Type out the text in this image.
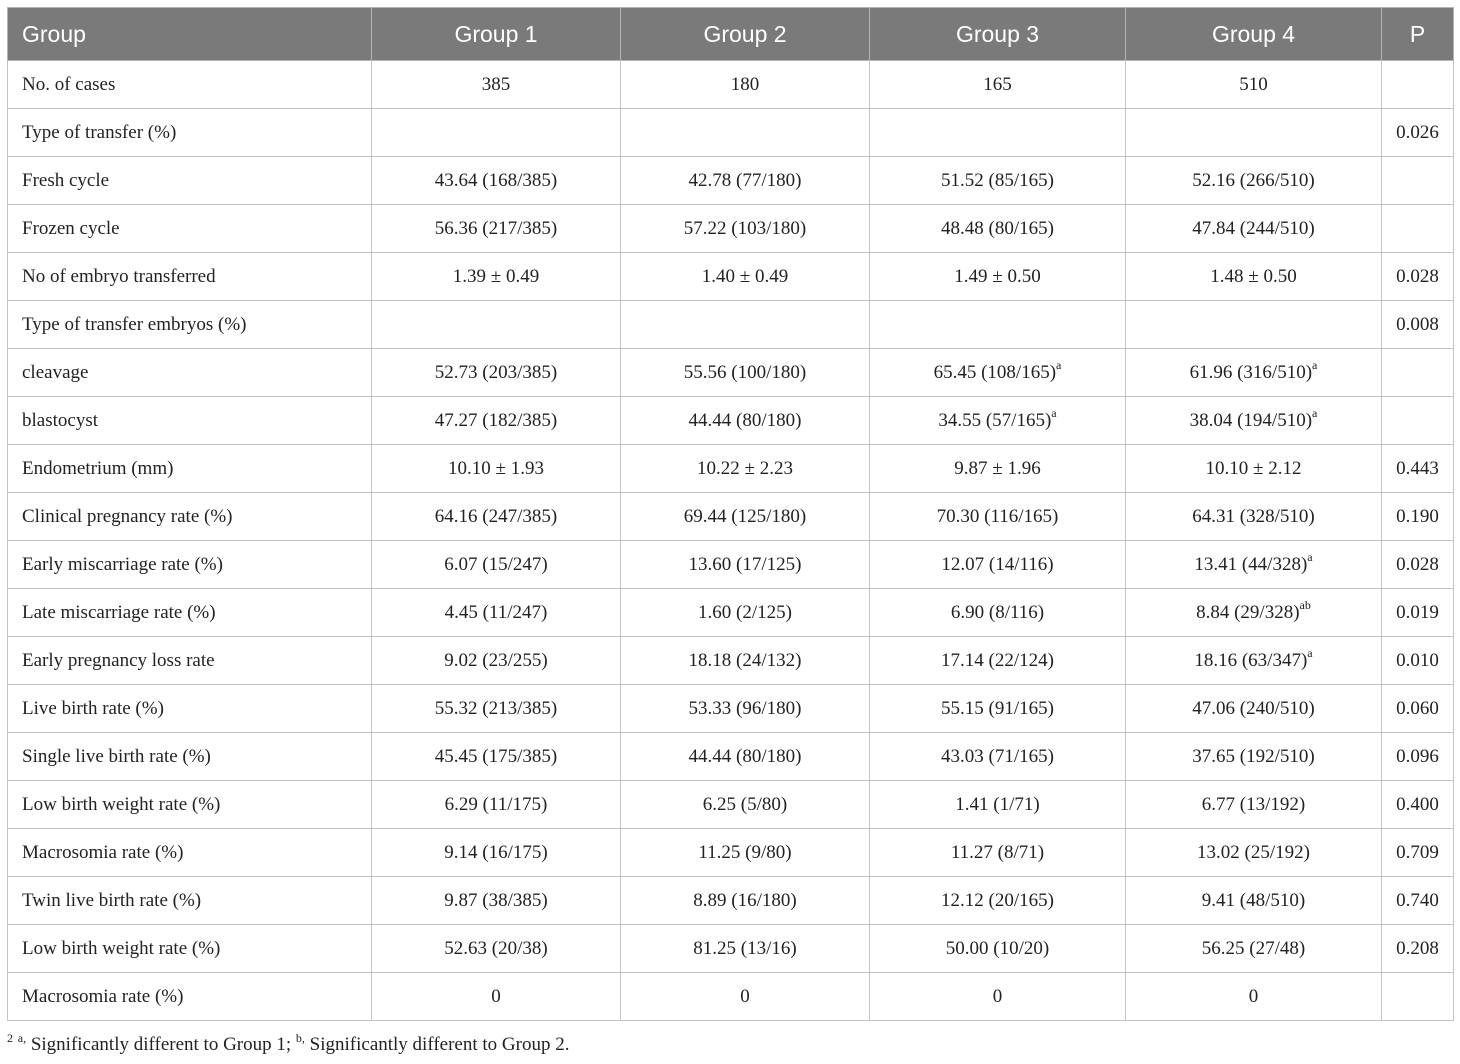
Group	Group 1	Group 2	Group 3	Group 4	P
No. of cases	385	180	165	510	
Type of transfer (%)					0.026
Fresh cycle	43.64 (168/385)	42.78 (77/180)	51.52 (85/165)	52.16 (266/510)	
Frozen cycle	56.36 (217/385)	57.22 (103/180)	48.48 (80/165)	47.84 (244/510)	
No of embryo transferred	1.39 ± 0.49	1.40 ± 0.49	1.49 ± 0.50	1.48 ± 0.50	0.028
Type of transfer embryos (%)					0.008
cleavage	52.73 (203/385)	55.56 (100/180)	65.45 $(108/165)^a$	61.96 $(316/510)^a$	
blastocyst	47.27 (182/385)	44.44 (80/180)	34.55 $(57/165)^a$	38.04 $(194/510)^a$	
Endometrium (mm)	10.10 ± 1.93	10.22 ± 2.23	9.87 ± 1.96	10.10 ± 2.12	0.443
Clinical pregnancy rate (%)	64.16 (247/385)	69.44 (125/180)	70.30 (116/165)	64.31 (328/510)	0.190
Early miscarriage rate (%)	6.07 (15/247)	13.60 (17/125)	12.07 (14/116)	13.41 $(44/328)^a$	0.028
Late miscarriage rate (%)	4.45 (11/247)	1.60 (2/125)	6.90 (8/116)	8.84 $(29/328)^{ab}$	0.019
Early pregnancy loss rate	9.02 (23/255)	18.18 (24/132)	17.14 (22/124)	18.16 $(63/347)^a$	0.010
Live birth rate (%)	55.32 (213/385)	53.33 (96/180)	55.15 (91/165)	47.06 (240/510)	0.060
Single live birth rate (%)	45.45 (175/385)	44.44 (80/180)	43.03 (71/165)	37.65 (192/510)	0.096
Low birth weight rate (%)	6.29 (11/175)	6.25 (5/80)	1.41 (1/71)	6.77 (13/192)	0.400
Macrosomia rate (%)	9.14 (16/175)	11.25 (9/80)	11.27 (8/71)	13.02 (25/192)	0.709
Twin live birth rate (%)	9.87 (38/385)	8.89 (16/180)	12.12 (20/165)	9.41 (48/510)	0.740
Low birth weight rate (%)	52.63 (20/38)	81.25 (13/16)	50.00 (10/20)	56.25 (27/48)	0.208
Macrosomia rate (%)	0	0	0	0	
$^2$ $^{a,}$ Significantly different to Group 1; $^{b,}$ Significantly different to Group 2.
